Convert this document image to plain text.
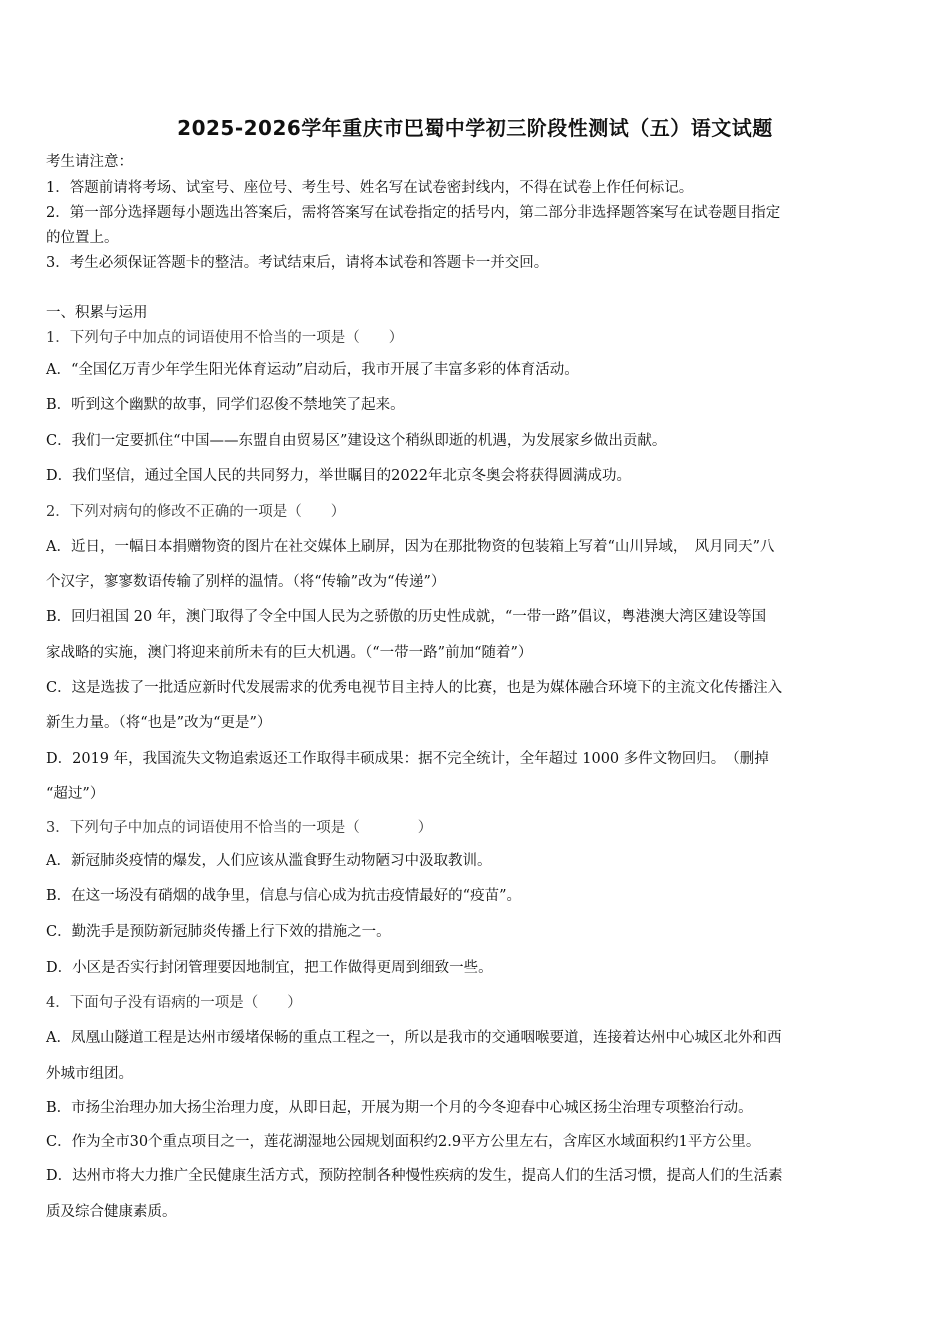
2025-2026学年重庆市巴蜀中学初三阶段性测试（五）语文试题
考生请注意：
1．答题前请将考场、试室号、座位号、考生号、姓名写在试卷密封线内，不得在试卷上作任何标记。
2．第一部分选择题每小题选出答案后，需将答案写在试卷指定的括号内，第二部分非选择题答案写在试卷题目指定
的位置上。
3．考生必须保证答题卡的整洁。考试结束后，请将本试卷和答题卡一并交回。
一、积累与运用
1．下列句子中加点的词语使用不恰当的一项是（　　）
A．“全国亿万青少年学生阳光体育运动”启动后，我市开展了丰富多彩的体育活动。
B．听到这个幽默的故事，同学们忍俊不禁地笑了起来。
C．我们一定要抓住“中国——东盟自由贸易区”建设这个稍纵即逝的机遇，为发展家乡做出贡献。
D．我们坚信，通过全国人民的共同努力，举世瞩目的2022年北京冬奥会将获得圆满成功。
2．下列对病句的修改不正确的一项是（　　）
A．近日，一幅日本捐赠物资的图片在社交媒体上刷屏，因为在那批物资的包装箱上写着“山川异域，　风月同天”八
个汉字，寥寥数语传输了别样的温情。（将“传输”改为“传递”）
B．回归祖国 20 年，澳门取得了令全中国人民为之骄傲的历史性成就，“一带一路”倡议，粤港澳大湾区建设等国
家战略的实施，澳门将迎来前所未有的巨大机遇。（“一带一路”前加“随着”）
C．这是选拔了一批适应新时代发展需求的优秀电视节目主持人的比赛，也是为媒体融合环境下的主流文化传播注入
新生力量。（将“也是”改为“更是”）
D．2019 年，我国流失文物追索返还工作取得丰硕成果：据不完全统计，全年超过 1000 多件文物回归。　（删掉
“超过”）
3．下列句子中加点的词语使用不恰当的一项是（　　　　）
A．新冠肺炎疫情的爆发，人们应该从滥食野生动物陋习中汲取教训。
B．在这一场没有硝烟的战争里，信息与信心成为抗击疫情最好的“疫苗”。
C．勤洗手是预防新冠肺炎传播上行下效的措施之一。
D．小区是否实行封闭管理要因地制宜，把工作做得更周到细致一些。
4．下面句子没有语病的一项是（　　）
A．凤凰山隧道工程是达州市缓堵保畅的重点工程之一，所以是我市的交通咽喉要道，连接着达州中心城区北外和西
外城市组团。
B．市扬尘治理办加大扬尘治理力度，从即日起，开展为期一个月的今冬迎春中心城区扬尘治理专项整治行动。
C．作为全市30个重点项目之一，莲花湖湿地公园规划面积约2.9平方公里左右，含库区水域面积约1平方公里。
D．达州市将大力推广全民健康生活方式，预防控制各种慢性疾病的发生，提高人们的生活习惯，提高人们的生活素
质及综合健康素质。
